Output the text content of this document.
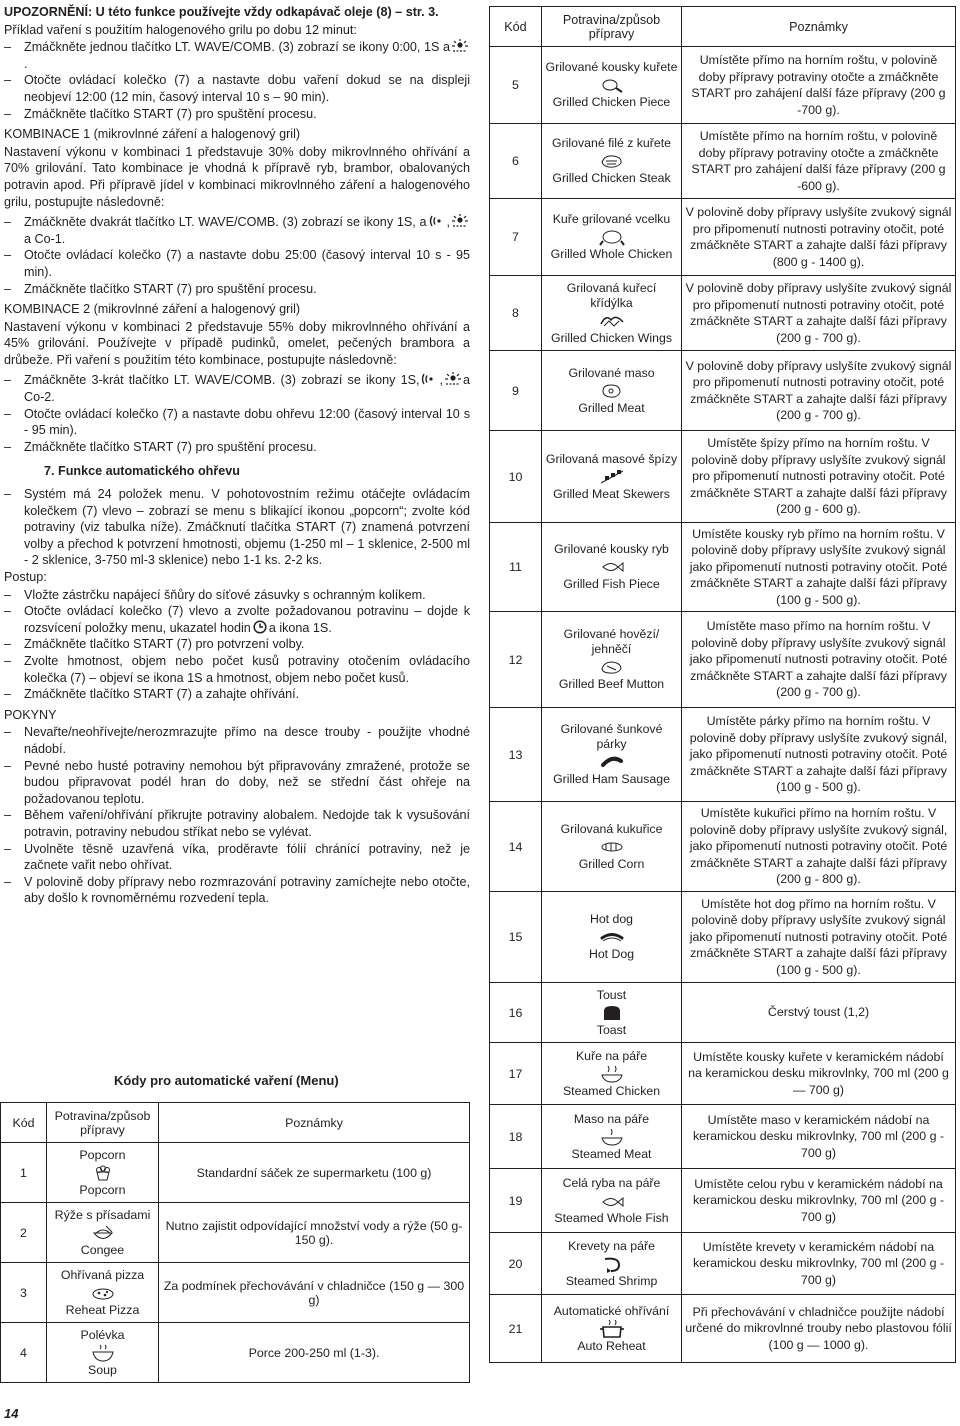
UPOZORNĚNÍ: U této funkce používejte vždy odkapávač oleje (8) – str. 3.

Příklad vaření s použitím halogenového grilu po dobu 12 minut:

– Zmáčkněte jednou tlačítko LT. WAVE/COMB. (3) zobrazí se ikony 0:00, 1S a.

– Otočte ovládací kolečko (7) a nastavte dobu vaření dokud se na displeji neobjeví 12:00 (12 min, časový interval 10 s – 90 min).

– Zmáčkněte tlačítko START (7) pro spuštění procesu.

KOMBINACE 1 (mikrovlnné záření a halogenový gril)

Nastavení výkonu v kombinaci 1 představuje 30% doby mikrovlnného ohřívání a 70% grilování. Tato kombinace je vhodná k přípravě ryb, brambor, obalovaných potravin apod. Při přípravě jídel v kombinaci mikrovlnného záření a halogenového grilu, postupujte následovně:

– Zmáčkněte dvakrát tlačítko LT. WAVE/COMB. (3) zobrazí se ikony 1S, a ,a Co-1.

– Otočte ovládací kolečko (7) a nastavte dobu 25:00 (časový interval 10 s - 95 min).

– Zmáčkněte tlačítko START (7) pro spuštění procesu.

KOMBINACE 2 (mikrovlnné záření a halogenový gril)

Nastavení výkonu v kombinaci 2 představuje 55% doby mikrovlnného ohřívání a 45% grilování. Používejte v případě pudinků, omelet, pečených brambora a drůbeže. Při vaření s použitím této kombinace, postupujte následovně:

– Zmáčkněte 3-krát tlačítko LT. WAVE/COMB. (3) zobrazí se ikony 1S, , a Co-2.

– Otočte ovládací kolečko (7) a nastavte dobu ohřevu 12:00 (časový interval 10 s - 95 min).

– Zmáčkněte tlačítko START (7) pro spuštění procesu.

7. Funkce automatického ohřevu

– Systém má 24 položek menu. V pohotovostním režimu otáčejte ovládacím kolečkem (7) vlevo – zobrazí se menu s blikající ikonou „popcorn“; zvolte kód potraviny (viz tabulka níže). Zmáčknutí tlačítka START (7) znamená potvrzení volby a přechod k potvrzení hmotnosti, objemu (1-250 ml – 1 sklenice, 2-500 ml - 2 sklenice, 3-750 ml-3 sklenice) nebo 1-1 ks. 2-2 ks.

Postup:

– Vložte zástrčku napájecí šňůry do síťové zásuvky s ochranným kolíkem.

– Otočte ovládací kolečko (7) vlevo a zvolte požadovanou potravinu – dojde k rozsvícení položky menu, ukazatel hodin a ikona 1S.

– Zmáčkněte tlačítko START (7) pro potvrzení volby.

– Zvolte hmotnost, objem nebo počet kusů potraviny otočením ovládacího kolečka (7) – objeví se ikona 1S a hmotnost, objem nebo počet kusů.

– Zmáčkněte tlačítko START (7) a zahajte ohřívání.

POKYNY

– Nevařte/neohřívejte/nerozmrazujte přímo na desce trouby - použijte vhodné nádobí.

– Pevné nebo husté potraviny nemohou být připravovány zmražené, protože se budou připravovat podél hran do doby, než se střední část ohřeje na požadovanou teplotu.

– Během vaření/ohřívání přikrujte potraviny alobalem. Nedojde tak k vysušování potravin, potraviny nebudou stříkat nebo se vylévat.

– Uvolněte těsně uzavřená víka, proděravte fólií chránící potraviny, než je začnete vařit nebo ohřívat.

– V polovině doby přípravy nebo rozmrazování potraviny zamíchejte nebo otočte, aby došlo k rovnoměrnému rozvedení tepla.

Kódy pro automatické vaření (Menu)
Kód	Potravina/způsob přípravy	Poznámky
1	Popcorn
Popcorn	Standardní sáček ze supermarketu (100 g)
2	Rýže s přísadami
Congee	Nutno zajistit odpovídající množství vody a rýže (50 g-150 g).
3	Ohřívaná pizza
Reheat Pizza	Za podmínek přechovávání v chladničce (150 g — 300 g)
4	Polévka
Soup	Porce 200-250 ml (1-3).
Kód	Potravina/způsob přípravy	Poznámky
5	Grilované kousky kuřete
Grilled Chicken Piece	Umístěte přímo na horním roštu, v polovině doby přípravy potraviny otočte a zmáčkněte START pro zahájení další fáze přípravy (200 g -700 g).
6	Grilované filé z kuřete
Grilled Chicken Steak	Umístěte přímo na horním roštu, v polovině doby přípravy potraviny otočte a zmáčkněte START pro zahájení další fáze přípravy (200 g -600 g).
7	Kuře grilované vcelku
Grilled Whole Chicken	V polovině doby přípravy uslyšíte zvukový signál pro připomenutí nutnosti potraviny otočit, poté zmáčkněte START a zahajte další fázi přípravy (800 g - 1400 g).
8	Grilovaná kuřecí křídýlka
Grilled Chicken Wings	V polovině doby přípravy uslyšíte zvukový signál pro připomenutí nutnosti potraviny otočit, poté zmáčkněte START a zahajte další fázi přípravy (200 g - 700 g).
9	Grilované maso
Grilled Meat	V polovině doby přípravy uslyšíte zvukový signál pro připomenutí nutnosti potraviny otočit, poté zmáčkněte START a zahajte další fázi přípravy (200 g - 700 g).
10	Grilovaná masové špízy
Grilled Meat Skewers	Umístěte špízy přímo na horním roštu. V polovině doby přípravy uslyšíte zvukový signál pro připomenutí nutnosti potraviny otočit. Poté zmáčkněte START a zahajte další fázi přípravy (200 g - 600 g).
11	Grilované kousky ryb
Grilled Fish Piece	Umístěte kousky ryb přímo na horním roštu. V polovině doby přípravy uslyšíte zvukový signál jako připomenutí nutnosti potraviny otočit. Poté zmáčkněte START a zahajte další fázi přípravy (100 g - 500 g).
12	Grilované hovězí/ jehněčí
Grilled Beef Mutton	Umístěte maso přímo na horním roštu. V polovině doby přípravy uslyšíte zvukový signál jako připomenutí nutnosti potraviny otočit. Poté zmáčkněte START a zahajte další fázi přípravy (200 g - 700 g).
13	Grilované šunkové párky
Grilled Ham Sausage	Umístěte párky přímo na horním roštu. V polovině doby přípravy uslyšíte zvukový signál, jako připomenutí nutnosti potraviny otočit. Poté zmáčkněte START a zahajte další fázi přípravy (100 g - 500 g).
14	Grilovaná kukuřice
Grilled Corn	Umístěte kukuřici přímo na horním roštu. V polovině doby přípravy uslyšíte zvukový signál, jako připomenutí nutnosti potraviny otočit. Poté zmáčkněte START a zahajte další fázi přípravy (200 g - 800 g).
15	Hot dog
Hot Dog	Umístěte hot dog přímo na horním roštu. V polovině doby přípravy uslyšíte zvukový signál jako připomenutí nutnosti potraviny otočit. Poté zmáčkněte START a zahajte další fázi přípravy (100 g - 500 g).
16	Toust
Toast	Čerstvý toust (1,2)
17	Kuře na páře
Steamed Chicken	Umístěte kousky kuřete v keramickém nádobí na keramickou desku mikrovlnky, 700 ml (200 g — 700 g)
18	Maso na páře
Steamed Meat	Umístěte maso v keramickém nádobí na keramickou desku mikrovlnky, 700 ml (200 g - 700 g)
19	Celá ryba na páře
Steamed Whole Fish	Umístěte celou rybu v keramickém nádobí na keramickou desku mikrovlnky, 700 ml (200 g - 700 g)
20	Krevety na páře
Steamed Shrimp	Umístěte krevety v keramickém nádobí na keramickou desku mikrovlnky, 700 ml (200 g - 700 g)
21	Automatické ohřívání
Auto Reheat	Při přechovávání v chladničce použijte nádobí určené do mikrovlnné trouby nebo plastovou fólií (100 g — 1000 g).
14
